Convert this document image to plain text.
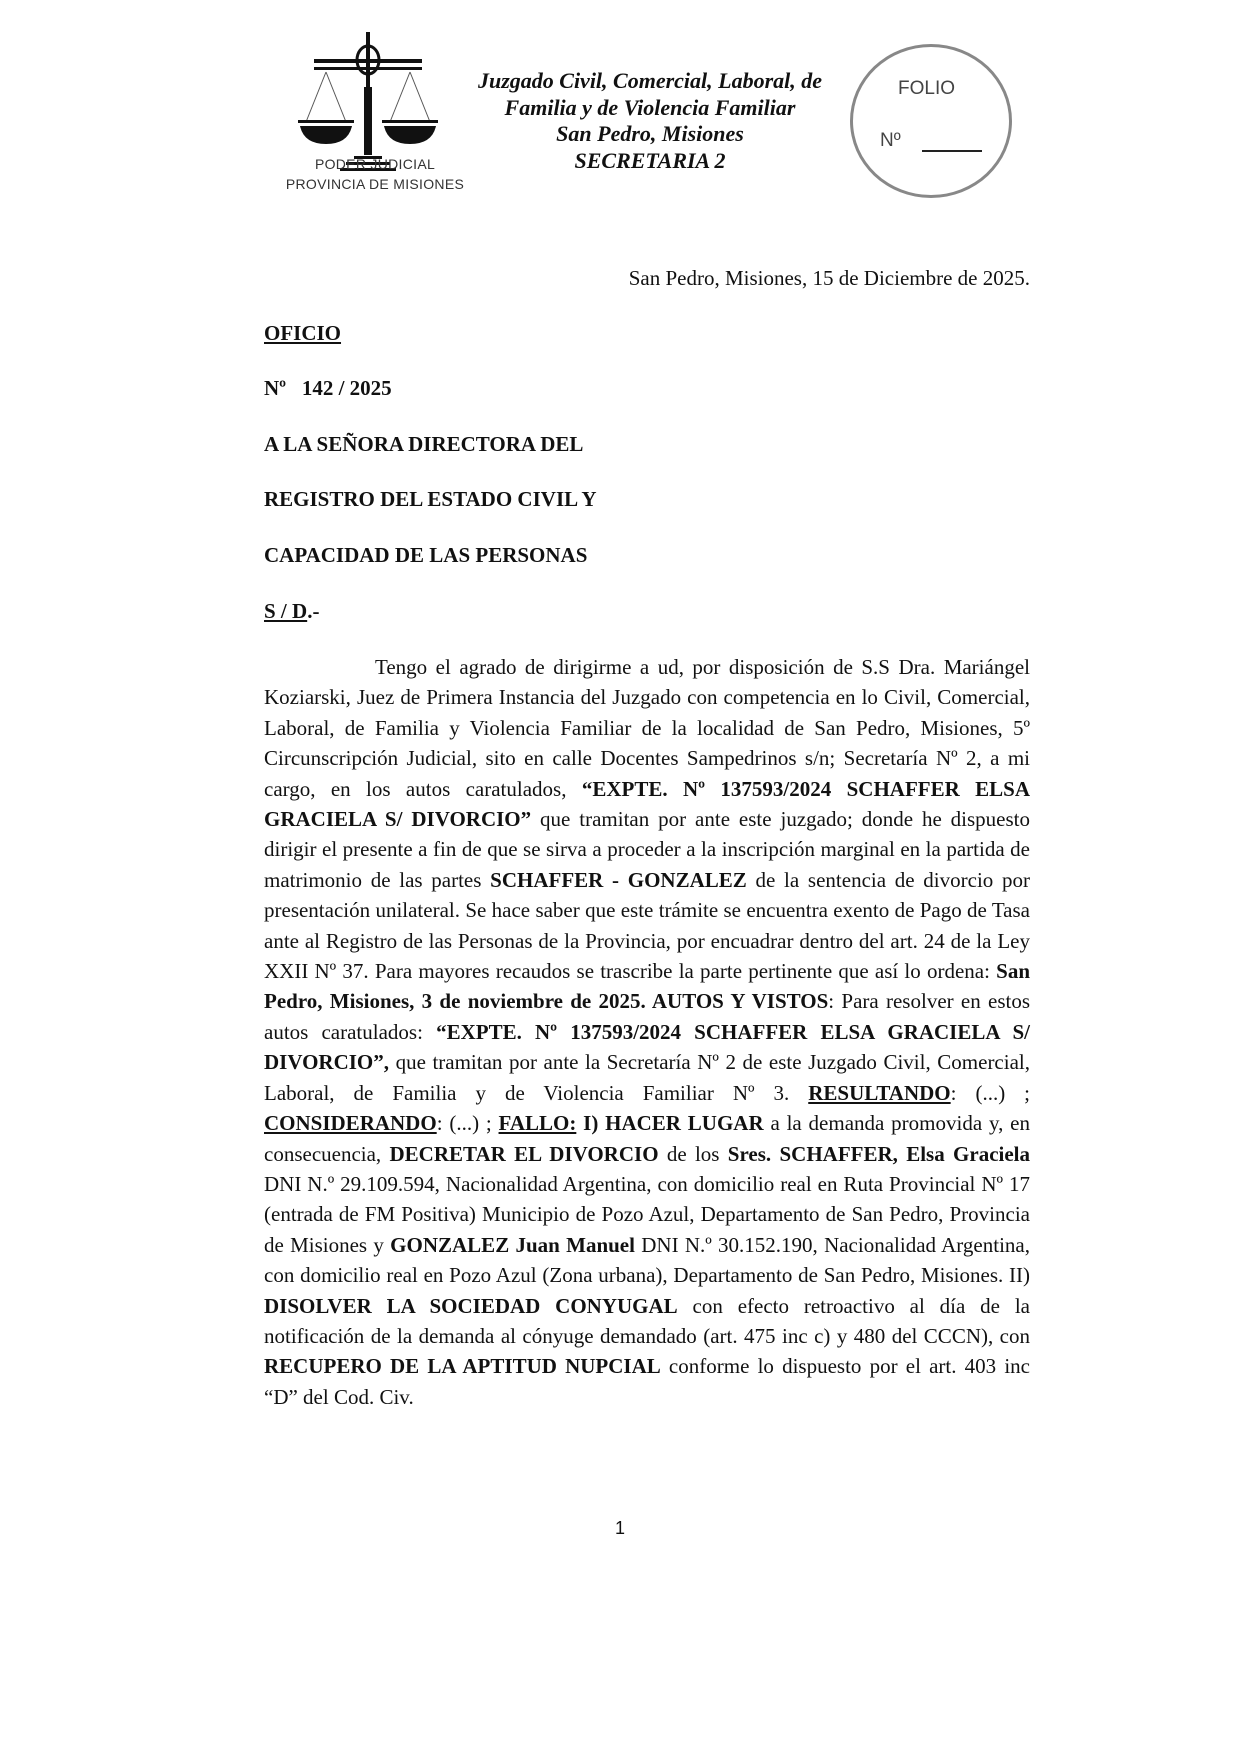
PODER JUDICIAL
PROVINCIA DE MISIONES
Juzgado Civil, Comercial, Laboral, de
Familia y de Violencia Familiar
San Pedro, Misiones
SECRETARIA 2
FOLIO
Nº
San Pedro, Misiones, 15 de Diciembre de 2025.
OFICIO
Nº   142 / 2025
A LA SEÑORA DIRECTORA DEL
REGISTRO DEL ESTADO CIVIL Y
CAPACIDAD DE LAS PERSONAS
S / D.-
Tengo el agrado de dirigirme a ud, por disposición de S.S Dra. Mariángel Koziarski, Juez de Primera Instancia del Juzgado con competencia en lo Civil, Comercial, Laboral, de Familia y Violencia Familiar de la localidad de San Pedro, Misiones, 5º Circunscripción Judicial, sito en calle Docentes Sampedrinos s/n; Secretaría Nº 2, a mi cargo, en los autos caratulados, “EXPTE. Nº 137593/2024 SCHAFFER ELSA GRACIELA S/ DIVORCIO” que tramitan por ante este juzgado; donde he dispuesto dirigir el presente a fin de que se sirva a proceder a la inscripción marginal en la partida de matrimonio de las partes SCHAFFER - GONZALEZ de la sentencia de divorcio por presentación unilateral. Se hace saber que este trámite se encuentra exento de Pago de Tasa ante al Registro de las Personas de la Provincia, por encuadrar dentro del art. 24 de la Ley XXII Nº 37. Para mayores recaudos se trascribe la parte pertinente que así lo ordena: San Pedro, Misiones, 3 de noviembre de 2025. AUTOS Y VISTOS: Para resolver en estos autos caratulados: “EXPTE. Nº 137593/2024 SCHAFFER ELSA GRACIELA S/ DIVORCIO”, que tramitan por ante la Secretaría Nº 2 de este Juzgado Civil, Comercial, Laboral, de Familia y de Violencia Familiar Nº 3. RESULTANDO: (...) ; CONSIDERANDO: (...) ; FALLO: I) HACER LUGAR a la demanda promovida y, en consecuencia, DECRETAR EL DIVORCIO de los Sres. SCHAFFER, Elsa Graciela DNI N.º 29.109.594, Nacionalidad Argentina, con domicilio real en Ruta Provincial Nº 17 (entrada de FM Positiva) Municipio de Pozo Azul, Departamento de San Pedro, Provincia de Misiones y GONZALEZ Juan Manuel DNI N.º 30.152.190, Nacionalidad Argentina, con domicilio real en Pozo Azul (Zona urbana), Departamento de San Pedro, Misiones. II) DISOLVER LA SOCIEDAD CONYUGAL con efecto retroactivo al día de la notificación de la demanda al cónyuge demandado (art. 475 inc c) y 480 del CCCN), con RECUPERO DE LA APTITUD NUPCIAL conforme lo dispuesto por el art. 403 inc “D” del Cod. Civ.
1
